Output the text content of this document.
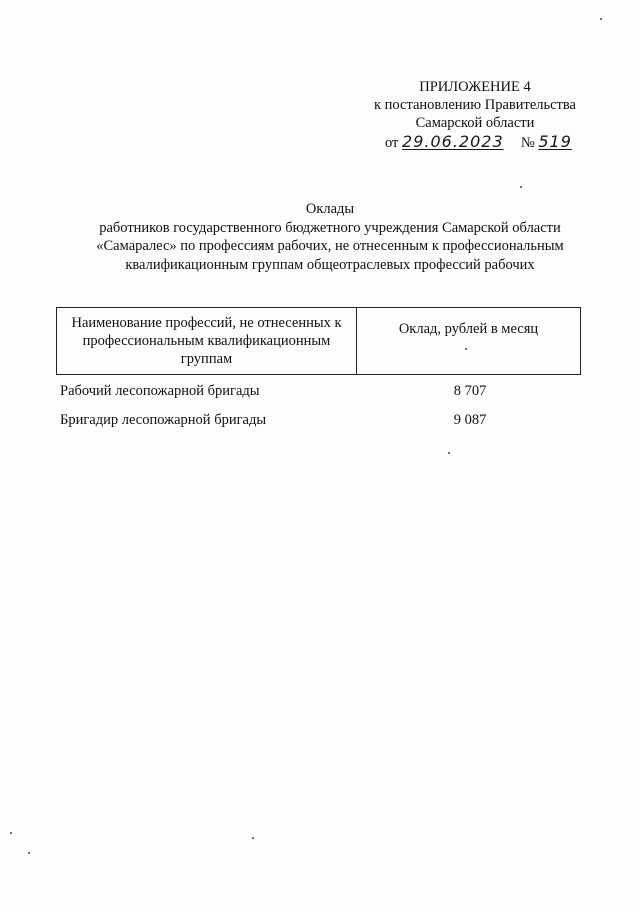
ПРИЛОЖЕНИЕ 4
к постановлению Правительства
Самарской области
от 29.06.2023 № 519
Оклады
работников государственного бюджетного учреждения Самарской области
«Самаралес» по профессиям рабочих, не отнесенным к профессиональным
квалификационным группам общеотраслевых профессий рабочих
Наименование профессий, не отнесенных к
профессиональным квалификационным
группам
Оклад, рублей в месяц
Рабочий лесопожарной бригады	8 707
Бригадир лесопожарной бригады	9 087
